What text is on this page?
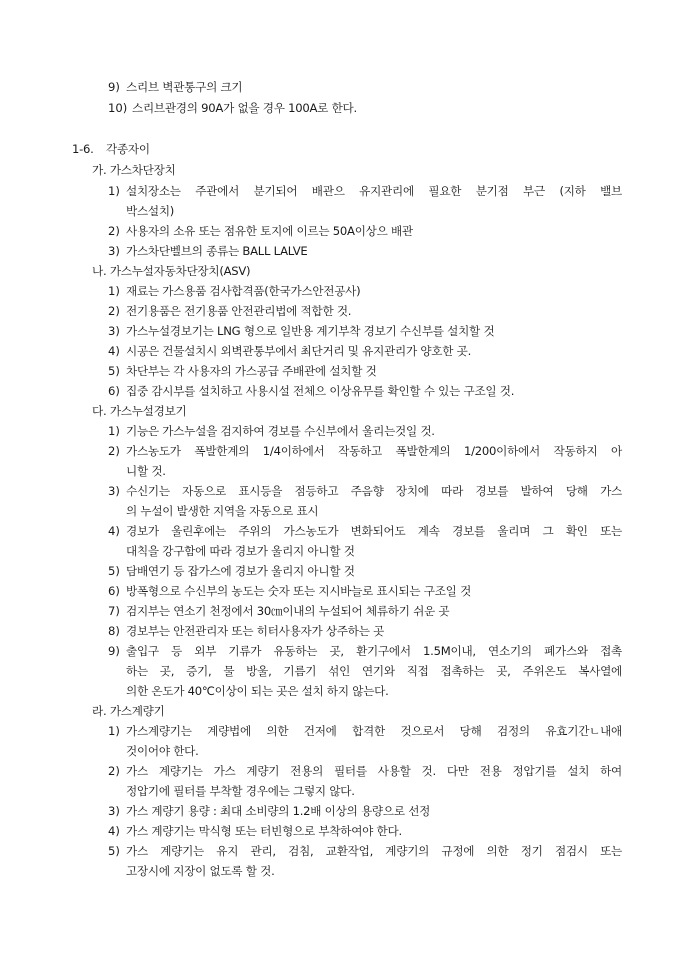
9) 스리브 벽관통구의 크기
10) 스리브관경의 90A가 없을 경우 100A로 한다.
1-6. 각종자이
가. 가스차단장치
1) 설치장소는 주관에서 분기되어 배관으 유지관리에 필요한 분기점 부근 (지하 밸브
박스설치)
2) 사용자의 소유 또는 점유한 토지에 이르는 50A이상으 배관
3) 가스차단벨브의 종류는 BALL LALVE
나. 가스누설자동차단장치(ASV)
1) 재료는 가스용품 검사합격품(한국가스안전공사)
2) 전기용품은 전기용품 안전관리법에 적합한 것.
3) 가스누설경보기는 LNG 형으로 일반용 계기부착 경보기 수신부를 설치할 것
4) 시공은 건물설치시 외벽관통부에서 최단거리 및 유지관리가 양호한 곳.
5) 차단부는 각 사용자의 가스공급 주배관에 설치할 것
6) 집중 감시부를 설치하고 사용시설 전체으 이상유무를 확인할 수 있는 구조일 것.
다. 가스누설경보기
1) 기능은 가스누설을 검지하여 경보를 수신부에서 울리는것일 것.
2) 가스농도가 폭발한계의 1/4이하에서 작동하고 폭발한계의 1/200이하에서 작동하지 아
니할 것.
3) 수신기는 자동으로 표시등을 점등하고 주음향 장치에 따라 경보를 발하여 당해 가스
의 누설이 발생한 지역을 자동으로 표시
4) 경보가 울린후에는 주위의 가스농도가 변화되어도 계속 경보를 울리며 그 확인 또는
대칙을 강구함에 따라 경보가 울리지 아니할 것
5) 담배연기 등 잡가스에 경보가 울리지 아니할 것
6) 방폭형으로 수신부의 농도는 숫자 또는 지시바늘로 표시되는 구조일 것
7) 검지부는 연소기 천정에서 30㎝이내의 누설되어 체류하기 쉬운 곳
8) 경보부는 안전관리자 또는 히터사용자가 상주하는 곳
9) 출입구 등 외부 기류가 유동하는 곳, 환기구에서 1.5M이내, 연소기의 폐가스와 접촉
하는 곳, 증기, 물 방울, 기름기 섞인 연기와 직접 접촉하는 곳, 주위온도 복사열에
의한 온도가 40℃이상이 되는 곳은 설치 하지 않는다.
라. 가스계량기
1) 가스계량기는 계량법에 의한 건저에 합격한 것으로서 당해 검정의 유효기간ㄴ내애
것이어야 한다.
2) 가스 계량기는 가스 계량기 전용의 필터를 사용할 것. 다만 전용 정압기를 설치 하여
정압기에 필터를 부착할 경우에는 그렇지 않다.
3) 가스 계량기 용량 : 최대 소비량의 1.2배 이상의 용량으로 선정
4) 가스 계량기는 막식형 또는 터빈형으로 부착하여야 한다.
5) 가스 계량기는 유지 관리, 검침, 교환작업, 계량기의 규정에 의한 정기 점검시 또는
고장시에 지장이 없도록 할 것.
